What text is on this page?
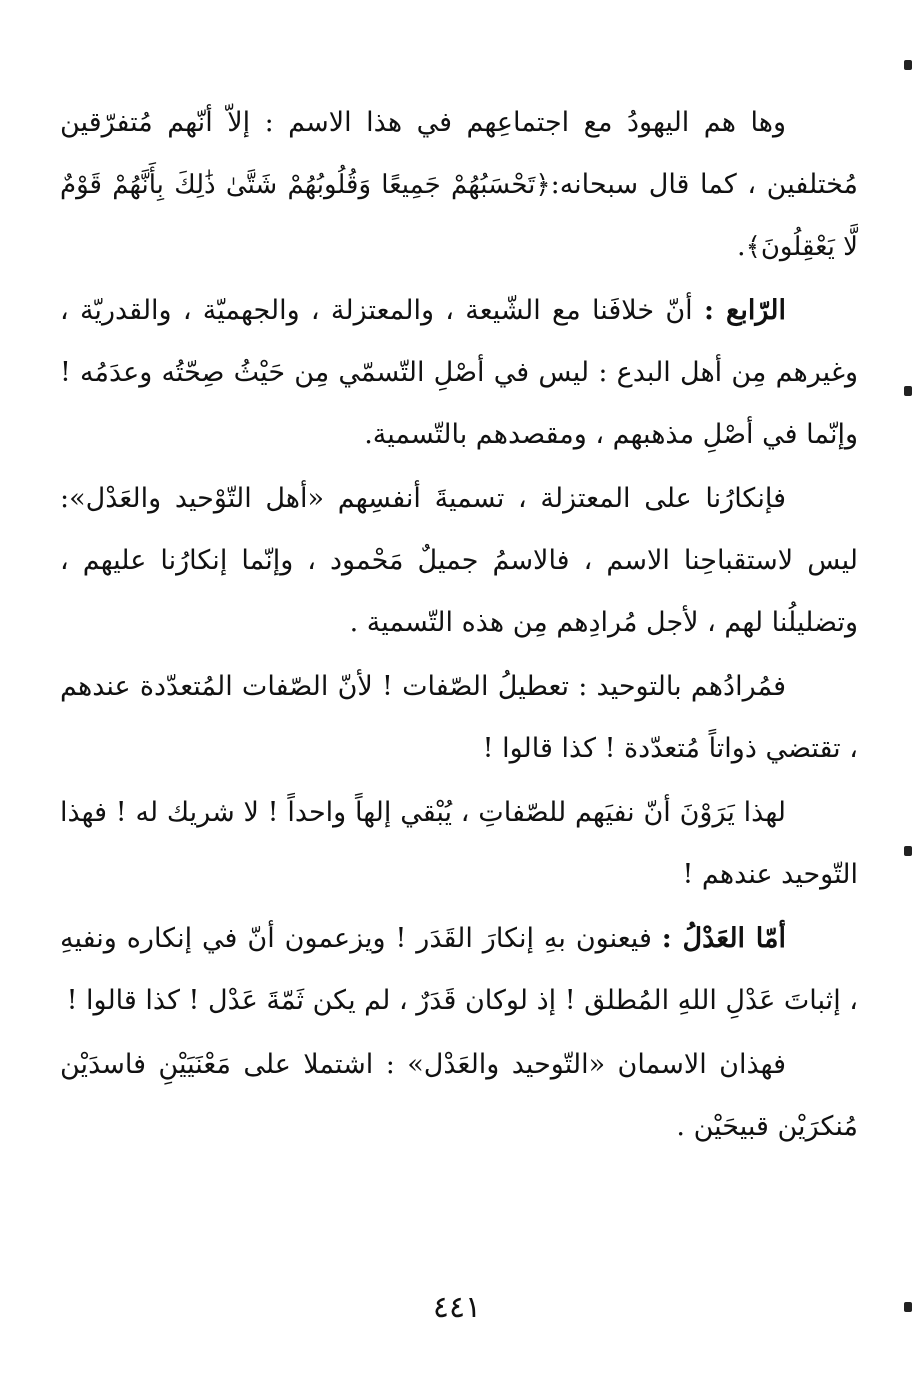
وها هم اليهودُ مع اجتماعِهم في هذا الاسم : إلاّ أنّهم مُتفرّقين مُختلفين ، كما قال سبحانه:﴿تَحْسَبُهُمْ جَمِيعًا وَقُلُوبُهُمْ شَتَّىٰ ذَٰلِكَ بِأَنَّهُمْ قَوْمٌ لَّا يَعْقِلُونَ﴾.

الرّابع : أنّ خلافَنا مع الشّيعة ، والمعتزلة ، والجهميّة ، والقدريّة ، وغيرهم مِن أهل البدع : ليس في أصْلِ التّسمّي مِن حَيْثُ صِحّتُه وعدَمُه ! وإنّما في أصْلِ مذهبهم ، ومقصدهم بالتّسمية.

فإنكارُنا على المعتزلة ، تسميةَ أنفسِهم «أهل التّوْحيد والعَدْل»: ليس لاستقباحِنا الاسم ، فالاسمُ جميلٌ مَحْمود ، وإنّما إنكارُنا عليهم ، وتضليلُنا لهم ، لأجل مُرادِهم مِن هذه التّسمية .

فمُرادُهم بالتوحيد : تعطيلُ الصّفات ! لأنّ الصّفات المُتعدّدة عندهم ، تقتضي ذواتاً مُتعدّدة ! كذا قالوا !

لهذا يَرَوْنَ أنّ نفيَهم للصّفاتِ ، يُبْقي إلهاً واحداً ! لا شريك له ! فهذا التّوحيد عندهم !

أمّا العَدْلُ : فيعنون بهِ إنكارَ القَدَر ! ويزعمون أنّ في إنكاره ونفيهِ ، إثباتَ عَدْلِ اللهِ المُطلق ! إذ لوكان قَدَرٌ ، لم يكن ثَمّةَ عَدْل ! كذا قالوا !

فهذان الاسمان «التّوحيد والعَدْل» : اشتملا على مَعْنَيَيْنِ فاسدَيْن مُنكرَيْن قبيحَيْن .

٤٤١
